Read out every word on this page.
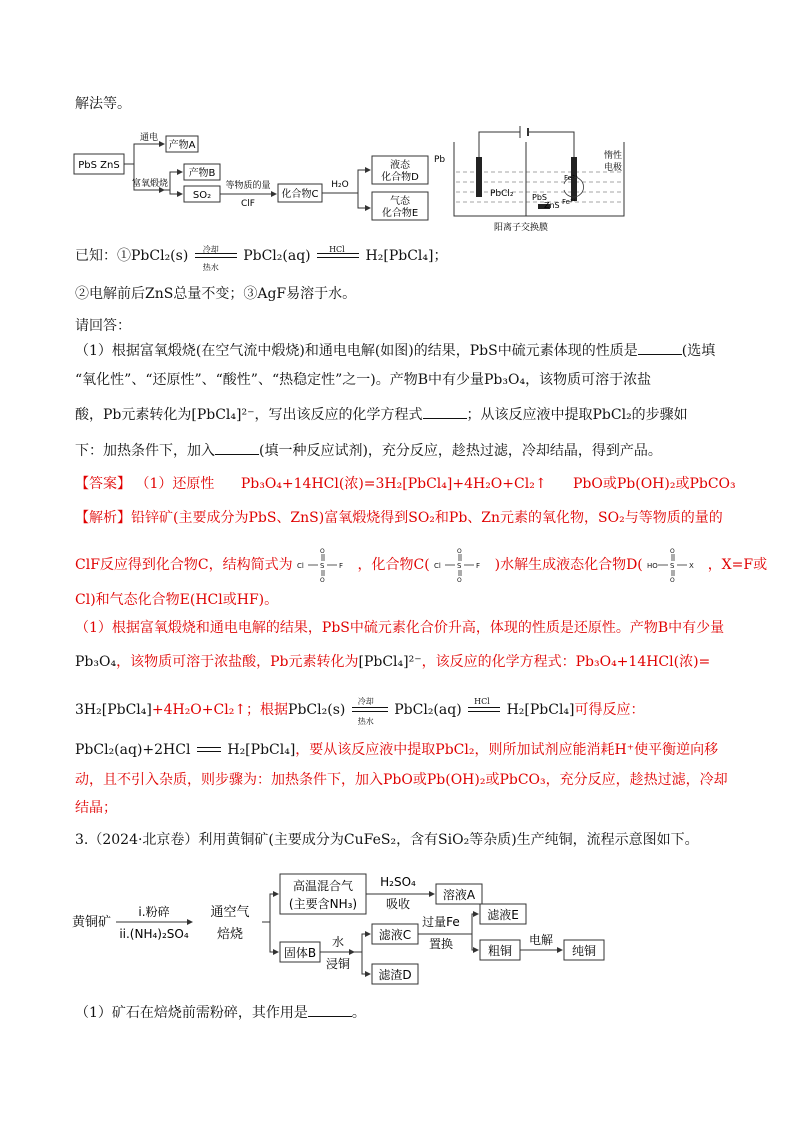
解法等。
PbS ZnS
通电
富氧煅烧
产物A
产物B
SO₂
等物质的量
ClF
化合物C
H₂O
液态
化合物D
气态
化合物E
Pb
PbCl₂ PbS
ZnS
Fe³⁺
Fe²⁺
惰性
电极
阳离子交换膜
已知：①PbCl₂(s) 冷却
热水
PbCl₂(aq) HCl H₂[PbCl₄]；
②电解前后ZnS总量不变；③AgF易溶于水。
请回答：
（1）根据富氧煅烧(在空气流中煅烧)和通电电解(如图)的结果，PbS中硫元素体现的性质是	(选填
“氧化性”、“还原性”、“酸性”、“热稳定性”之一)。产物B中有少量Pb₃O₄，该物质可溶于浓盐
酸，Pb元素转化为[PbCl₄]²⁻，写出该反应的化学方程式	；从该反应液中提取PbCl₂的步骤如
下：加热条件下，加入	(填一种反应试剂)，充分反应，趁热过滤，冷却结晶，得到产品。
【答案】 （1）还原性 Pb₃O₄+14HCl(浓)=3H₂[PbCl₄]+4H₂O+Cl₂↑ PbO或Pb(OH)₂或PbCO₃
【解析】铅锌矿(主要成分为PbS、ZnS)富氧煅烧得到SO₂和Pb、Zn元素的氧化物，SO₂与等物质的量的
ClF反应得到化合物C，结构简式为 Cl S F
O
O
，化合物C( Cl S F
O
O
)水解生成液态化合物D( HO S X
O
O
，X=F或
Cl)和气态化合物E(HCl或HF)。
（1）根据富氧煅烧和通电电解的结果，PbS中硫元素化合价升高，体现的性质是还原性。产物B中有少量
Pb₃O₄，该物质可溶于浓盐酸，Pb元素转化为[PbCl₄]²⁻，该反应的化学方程式：Pb₃O₄+14HCl(浓)=
3H₂[PbCl₄]+4H₂O+Cl₂↑；根据PbCl₂(s)
冷却
热水
PbCl₂(aq)
HCl
H₂[PbCl₄]可得反应：
PbCl₂(aq)+2HCl	H₂[PbCl₄]，要从该反应液中提取PbCl₂，则所加试剂应能消耗H⁺使平衡逆向移
动，且不引入杂质，则步骤为：加热条件下，加入PbO或Pb(OH)₂或PbCO₃，充分反应，趁热过滤，冷却
结晶；
3.（2024·北京卷）利用黄铜矿(主要成分为CuFeS₂，含有SiO₂等杂质)生产纯铜，流程示意图如下。
黄铜矿
i.粉碎
ii.(NH₄)₂SO₄
通空气
焙烧
高温混合气
(主要含NH₃)
H₂SO₄
吸收
溶液A
固体B
水
浸铜
滤液C
滤渣D
过量Fe
置换
滤液E
粗铜
电解
纯铜
（1）矿石在焙烧前需粉碎，其作用是	。
